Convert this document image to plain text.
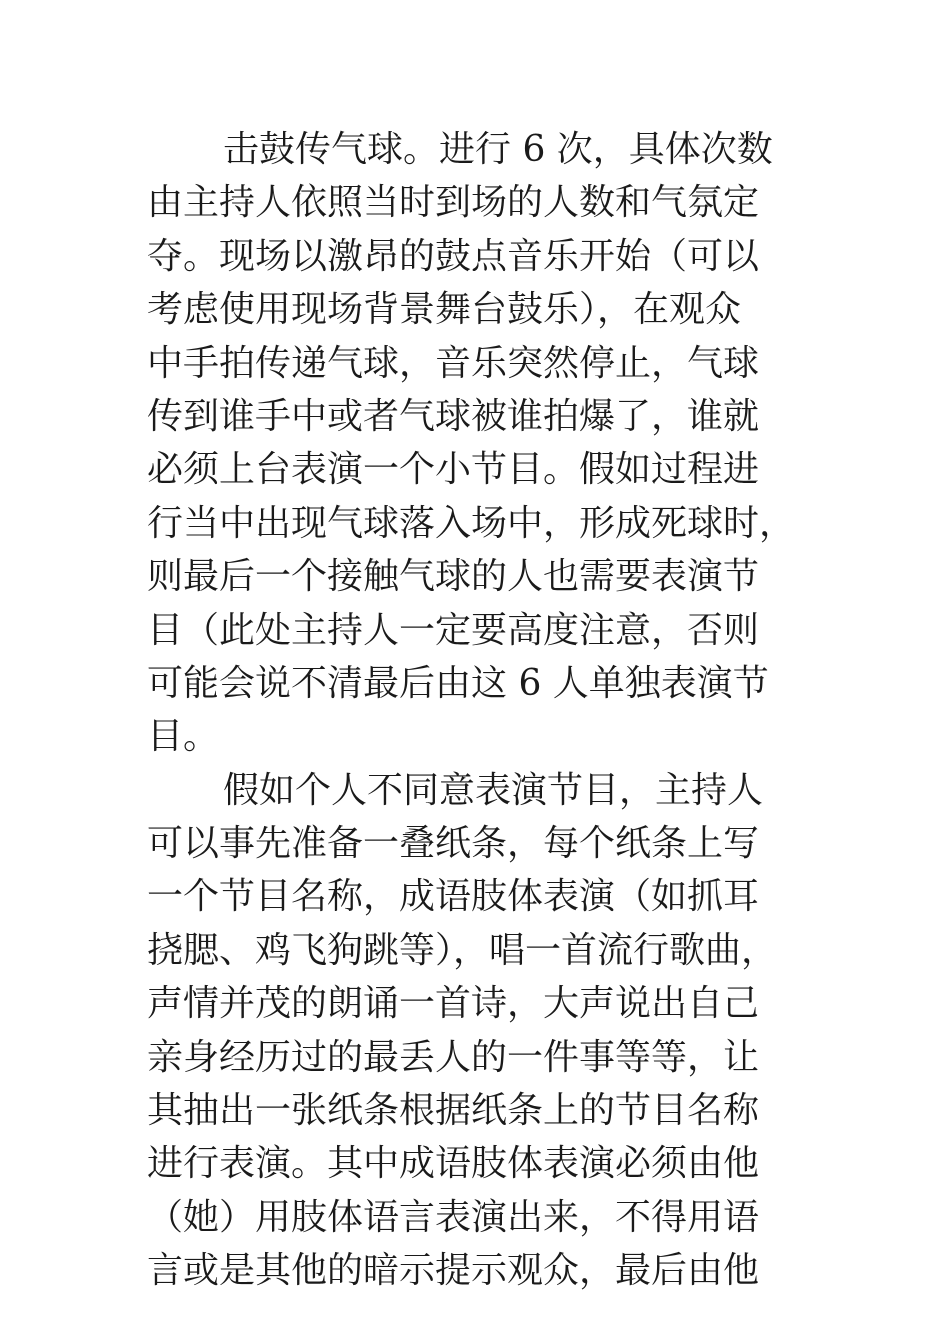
击鼓传气球。进行 6 次，具体次数
由主持人依照当时到场的人数和气氛定
夺。现场以激昂的鼓点音乐开始（可以
考虑使用现场背景舞台鼓乐），在观众
中手拍传递气球，音乐突然停止，气球
传到谁手中或者气球被谁拍爆了，谁就
必须上台表演一个小节目。假如过程进
行当中出现气球落入场中，形成死球时，
则最后一个接触气球的人也需要表演节
目（此处主持人一定要高度注意，否则
可能会说不清最后由这 6 人单独表演节
目。
假如个人不同意表演节目，主持人
可以事先准备一叠纸条，每个纸条上写
一个节目名称，成语肢体表演（如抓耳
挠腮、鸡飞狗跳等），唱一首流行歌曲，
声情并茂的朗诵一首诗，大声说出自己
亲身经历过的最丢人的一件事等等，让
其抽出一张纸条根据纸条上的节目名称
进行表演。其中成语肢体表演必须由他
（她）用肢体语言表演出来，不得用语
言或是其他的暗示提示观众，最后由他
